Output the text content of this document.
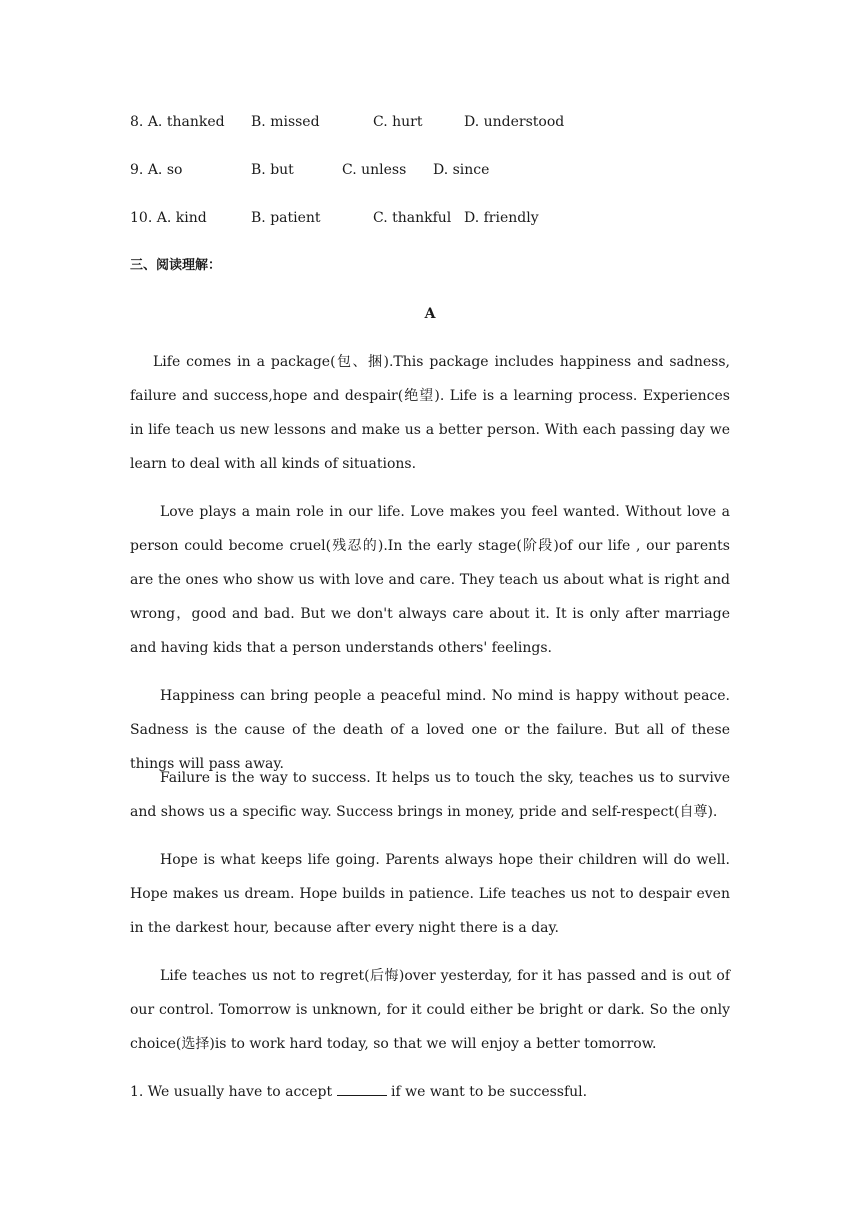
8. A. thanked B. missed	C. hurt	D. understood
9. A. so	B. but	C. unless D. since
10. A. kind	B. patient	C. thankful D. friendly
三、阅读理解：
A

Life comes in a package(包、捆).This package includes happiness and sadness, failure and success,hope and despair(绝望). Life is a learning process. Experiences in life teach us new lessons and make us a better person. With each passing day we learn to deal with all kinds of situations.

Love plays a main role in our life. Love makes you feel wanted. Without love a person could become cruel(残忍的).In the early stage(阶段)of our life , our parents are the ones who show us with love and care. They teach us about what is right and wrong，good and bad. But we don't always care about it. It is only after marriage and having kids that a person understands others' feelings.

Happiness can bring people a peaceful mind. No mind is happy without peace. Sadness is the cause of the death of a loved one or the failure. But all of these things will pass away.

Failure is the way to success. It helps us to touch the sky, teaches us to survive and shows us a specific way. Success brings in money, pride and self-respect(自尊).

Hope is what keeps life going. Parents always hope their children will do well. Hope makes us dream. Hope builds in patience. Life teaches us not to despair even in the darkest hour, because after every night there is a day.

Life teaches us not to regret(后悔)over yesterday, for it has passed and is out of our control. Tomorrow is unknown, for it could either be bright or dark. So the only choice(选择)is to work hard today, so that we will enjoy a better tomorrow.

1. We usually have to accept	if we want to be successful.
